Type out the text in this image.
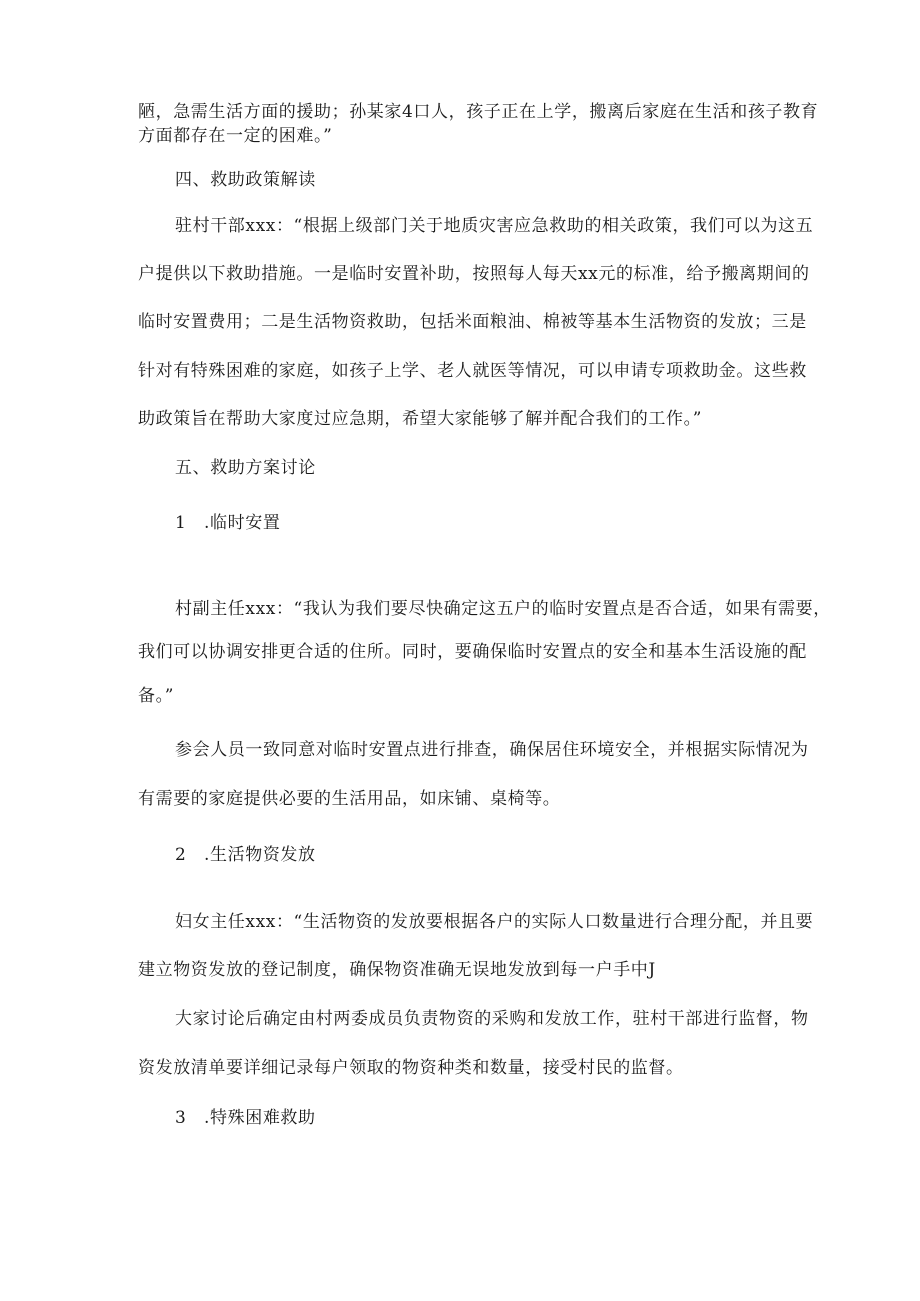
陋，急需生活方面的援助；孙某家4口人，孩子正在上学，搬离后家庭在生活和孩子教育
方面都存在一定的困难。”
四、救助政策解读
驻村干部xxx：“根据上级部门关于地质灾害应急救助的相关政策，我们可以为这五
户提供以下救助措施。一是临时安置补助，按照每人每天xx元的标准，给予搬离期间的
临时安置费用；二是生活物资救助，包括米面粮油、棉被等基本生活物资的发放；三是
针对有特殊困难的家庭，如孩子上学、老人就医等情况，可以申请专项救助金。这些救
助政策旨在帮助大家度过应急期，希望大家能够了解并配合我们的工作。”
五、救助方案讨论
1　.临时安置
村副主任xxx：“我认为我们要尽快确定这五户的临时安置点是否合适，如果有需要，
我们可以协调安排更合适的住所。同时，要确保临时安置点的安全和基本生活设施的配
备。”
参会人员一致同意对临时安置点进行排查，确保居住环境安全，并根据实际情况为
有需要的家庭提供必要的生活用品，如床铺、桌椅等。
2　.生活物资发放
妇女主任xxx：“生活物资的发放要根据各户的实际人口数量进行合理分配，并且要
建立物资发放的登记制度，确保物资准确无误地发放到每一户手中J
大家讨论后确定由村两委成员负责物资的采购和发放工作，驻村干部进行监督，物
资发放清单要详细记录每户领取的物资种类和数量，接受村民的监督。
3　.特殊困难救助
